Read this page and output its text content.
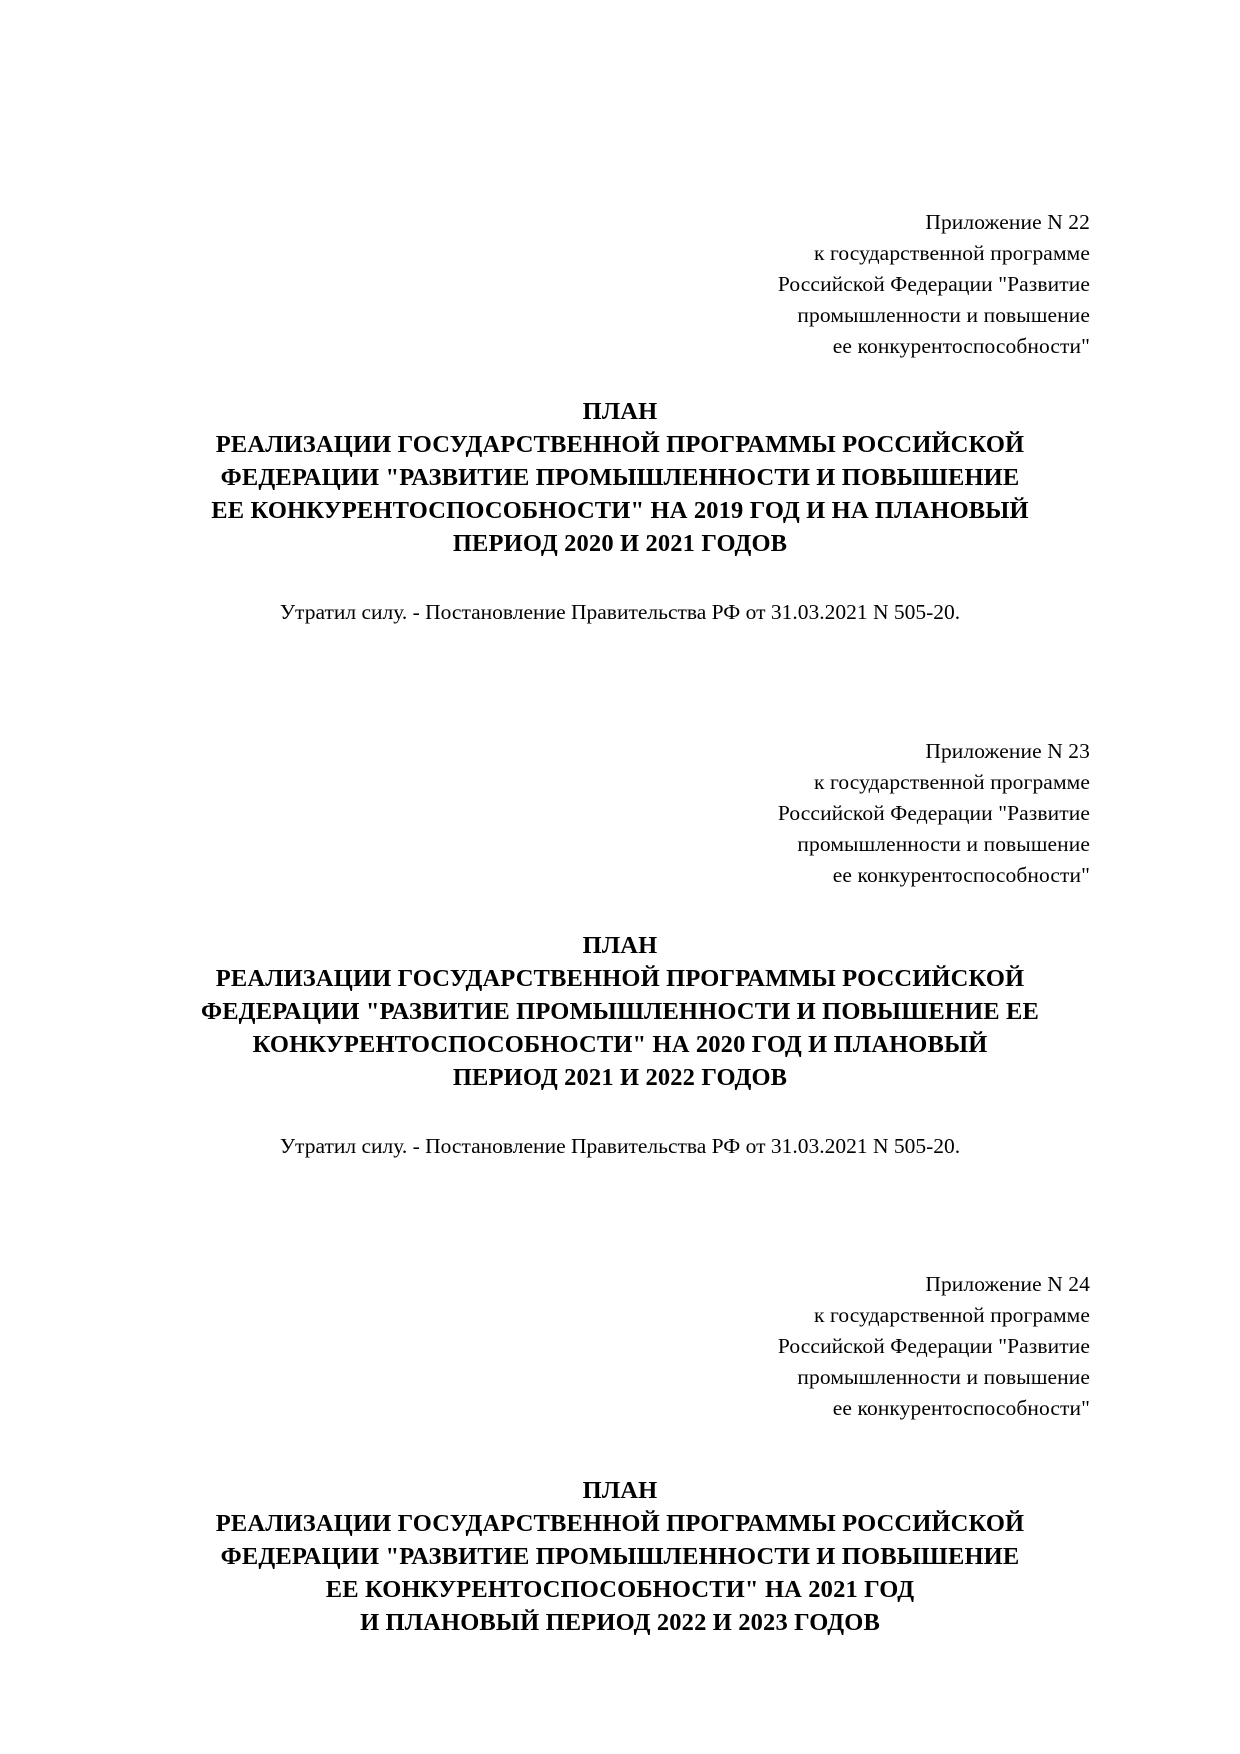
Приложение N 22
к государственной программе
Российской Федерации "Развитие
промышленности и повышение
ее конкурентоспособности"
ПЛАН
РЕАЛИЗАЦИИ ГОСУДАРСТВЕННОЙ ПРОГРАММЫ РОССИЙСКОЙ
ФЕДЕРАЦИИ "РАЗВИТИЕ ПРОМЫШЛЕННОСТИ И ПОВЫШЕНИЕ
ЕЕ КОНКУРЕНТОСПОСОБНОСТИ" НА 2019 ГОД И НА ПЛАНОВЫЙ
ПЕРИОД 2020 И 2021 ГОДОВ

Утратил силу. - Постановление Правительства РФ от 31.03.2021 N 505-20.

Приложение N 23
к государственной программе
Российской Федерации "Развитие
промышленности и повышение
ее конкурентоспособности"
ПЛАН
РЕАЛИЗАЦИИ ГОСУДАРСТВЕННОЙ ПРОГРАММЫ РОССИЙСКОЙ
ФЕДЕРАЦИИ "РАЗВИТИЕ ПРОМЫШЛЕННОСТИ И ПОВЫШЕНИЕ ЕЕ
КОНКУРЕНТОСПОСОБНОСТИ" НА 2020 ГОД И ПЛАНОВЫЙ
ПЕРИОД 2021 И 2022 ГОДОВ

Утратил силу. - Постановление Правительства РФ от 31.03.2021 N 505-20.

Приложение N 24
к государственной программе
Российской Федерации "Развитие
промышленности и повышение
ее конкурентоспособности"
ПЛАН
РЕАЛИЗАЦИИ ГОСУДАРСТВЕННОЙ ПРОГРАММЫ РОССИЙСКОЙ
ФЕДЕРАЦИИ "РАЗВИТИЕ ПРОМЫШЛЕННОСТИ И ПОВЫШЕНИЕ
ЕЕ КОНКУРЕНТОСПОСОБНОСТИ" НА 2021 ГОД
И ПЛАНОВЫЙ ПЕРИОД 2022 И 2023 ГОДОВ
